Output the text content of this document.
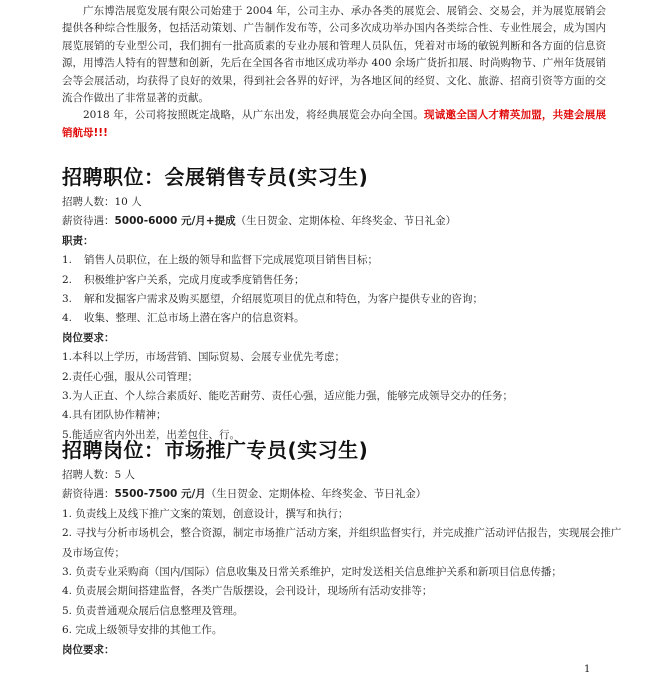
广东博浩展览发展有限公司始建于 2004 年，公司主办、承办各类的展览会、展销会、交易会，并为展览展销会提供各种综合性服务，包括活动策划、广告制作发布等，公司多次成功举办国内各类综合性、专业性展会，成为国内展览展销的专业型公司，我们拥有一批高质素的专业办展和管理人员队伍，凭着对市场的敏锐判断和各方面的信息资源，用博浩人特有的智慧和创新，先后在全国各省市地区成功举办 400 余场广货折扣展、时尚购物节、广州年货展销会等会展活动，均获得了良好的效果，得到社会各界的好评，为各地区间的经贸、文化、旅游、招商引资等方面的交流合作做出了非常显著的贡献。

2018 年，公司将按照既定战略，从广东出发，将经典展览会办向全国。现诚邀全国人才精英加盟，共建会展展销航母!!!

招聘职位：会展销售专员(实习生)
招聘人数：10 人
薪资待遇：5000-6000 元/月+提成（生日贺金、定期体检、年终奖金、节日礼金）
职责：
1. 销售人员职位，在上级的领导和监督下完成展览项目销售目标；
2. 积极维护客户关系，完成月度或季度销售任务；
3. 解和发掘客户需求及购买愿望，介绍展览项目的优点和特色，为客户提供专业的咨询；
4. 收集、整理、汇总市场上潜在客户的信息资料。
岗位要求：
1.本科以上学历，市场营销、国际贸易、会展专业优先考虑；
2.责任心强，服从公司管理；
3.为人正直、个人综合素质好、能吃苦耐劳、责任心强，适应能力强，能够完成领导交办的任务；
4.具有团队协作精神；
5.能适应省内外出差，出差包住、行。
招聘岗位：市场推广专员(实习生)
招聘人数：5 人
薪资待遇：5500-7500 元/月（生日贺金、定期体检、年终奖金、节日礼金）
1. 负责线上及线下推广文案的策划，创意设计，撰写和执行；
2. 寻找与分析市场机会，整合资源，制定市场推广活动方案，并组织监督实行，并完成推广活动评估报告，实现展会推广及市场宣传；
3. 负责专业采购商（国内/国际）信息收集及日常关系维护，定时发送相关信息维护关系和新项目信息传播；
4. 负责展会期间搭建监督，各类广告版摆设，会刊设计，现场所有活动安排等；
5. 负责普通观众展后信息整理及管理。
6. 完成上级领导安排的其他工作。
岗位要求：
1
